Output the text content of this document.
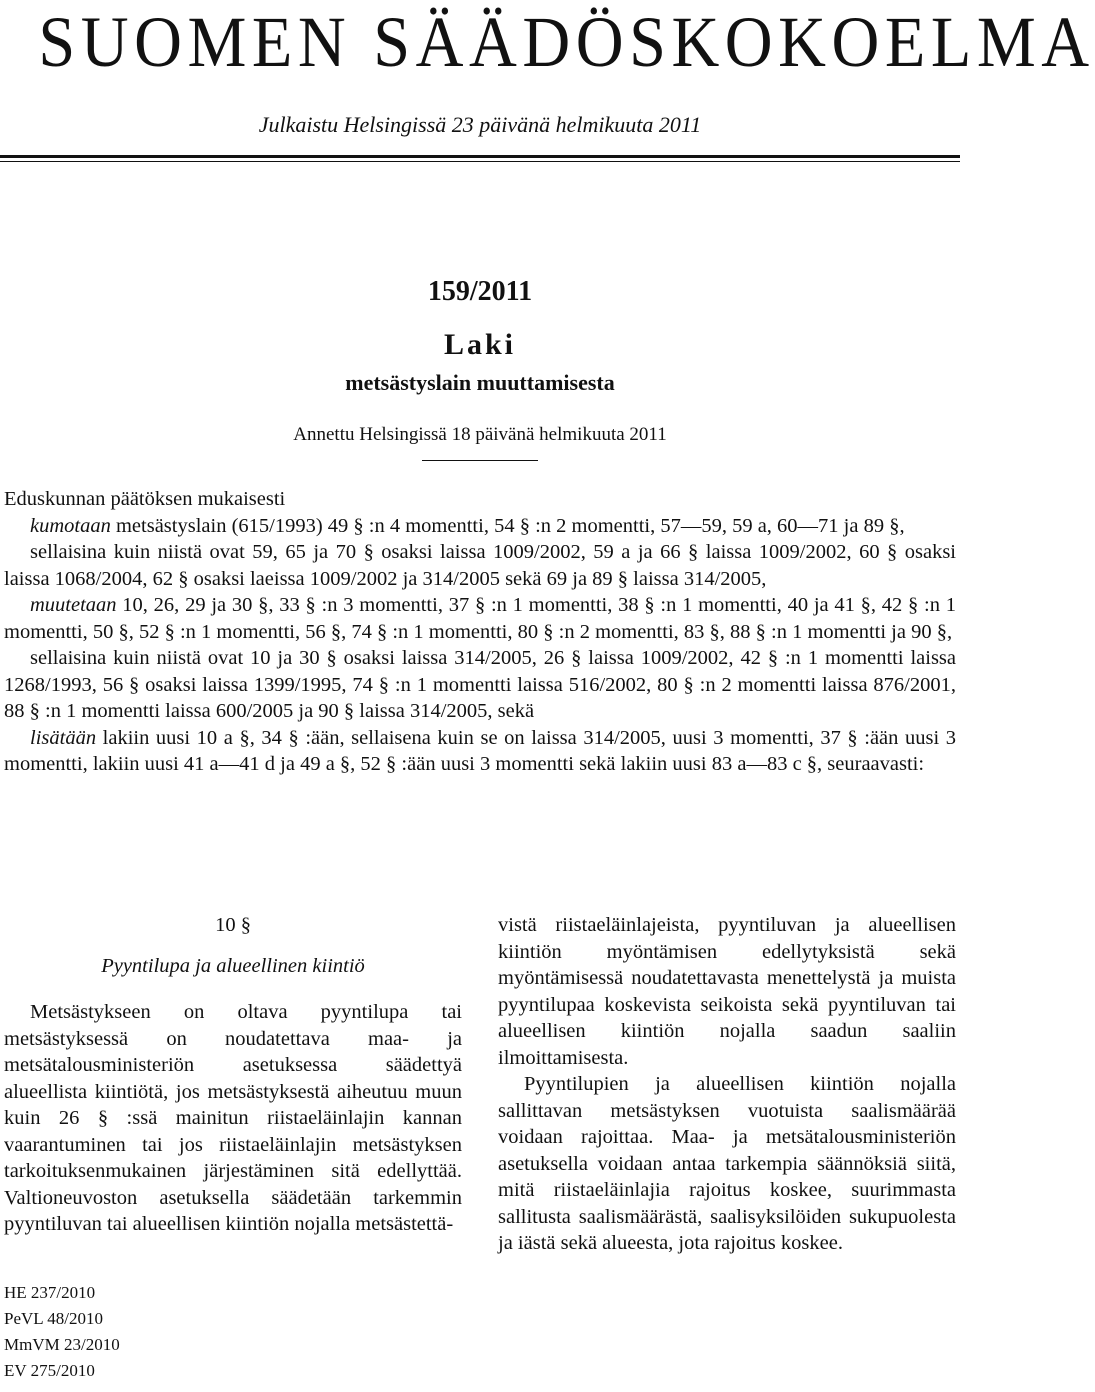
SUOMEN SÄÄDÖSKOKOELMA
Julkaistu Helsingissä 23 päivänä helmikuuta 2011
159/2011
Laki
metsästyslain muuttamisesta
Annettu Helsingissä 18 päivänä helmikuuta 2011

Eduskunnan päätöksen mukaisesti

kumotaan metsästyslain (615/1993) 49 § :n 4 momentti, 54 § :n 2 momentti, 57—59, 59 a, 60—71 ja 89 §,

sellaisina kuin niistä ovat 59, 65 ja 70 § osaksi laissa 1009/2002, 59 a ja 66 § laissa 1009/2002, 60 § osaksi laissa 1068/2004, 62 § osaksi laeissa 1009/2002 ja 314/2005 sekä 69 ja 89 § laissa 314/2005,

muutetaan 10, 26, 29 ja 30 §, 33 § :n 3 momentti, 37 § :n 1 momentti, 38 § :n 1 momentti, 40 ja 41 §, 42 § :n 1 momentti, 50 §, 52 § :n 1 momentti, 56 §, 74 § :n 1 momentti, 80 § :n 2 momentti, 83 §, 88 § :n 1 momentti ja 90 §,

sellaisina kuin niistä ovat 10 ja 30 § osaksi laissa 314/2005, 26 § laissa 1009/2002, 42 § :n 1 momentti laissa 1268/1993, 56 § osaksi laissa 1399/1995, 74 § :n 1 momentti laissa 516/2002, 80 § :n 2 momentti laissa 876/2001, 88 § :n 1 momentti laissa 600/2005 ja 90 § laissa 314/2005, sekä

lisätään lakiin uusi 10 a §, 34 § :ään, sellaisena kuin se on laissa 314/2005, uusi 3 momentti, 37 § :ään uusi 3 momentti, lakiin uusi 41 a—41 d ja 49 a §, 52 § :ään uusi 3 momentti sekä lakiin uusi 83 a—83 c §, seuraavasti:

10 §

Pyyntilupa ja alueellinen kiintiö

Metsästykseen on oltava pyyntilupa tai metsästyksessä on noudatettava maa- ja metsätalousministeriön asetuksessa säädettyä alueellista kiintiötä, jos metsästyksestä aiheutuu muun kuin 26 § :ssä mainitun riistaeläinlajin kannan vaarantuminen tai jos riistaeläinlajin metsästyksen tarkoituksenmukainen järjestäminen sitä edellyttää. Valtioneuvoston asetuksella säädetään tarkemmin pyyntiluvan tai alueellisen kiintiön nojalla metsästettä-

vistä riistaeläinlajeista, pyyntiluvan ja alueellisen kiintiön myöntämisen edellytyksistä sekä myöntämisessä noudatettavasta menettelystä ja muista pyyntilupaa koskevista seikoista sekä pyyntiluvan tai alueellisen kiintiön nojalla saadun saaliin ilmoittamisesta.

Pyyntilupien ja alueellisen kiintiön nojalla sallittavan metsästyksen vuotuista saalismäärää voidaan rajoittaa. Maa- ja metsätalousministeriön asetuksella voidaan antaa tarkempia säännöksiä siitä, mitä riistaeläinlajia rajoitus koskee, suurimmasta sallitusta saalismäärästä, saalisyksilöiden sukupuolesta ja iästä sekä alueesta, jota rajoitus koskee.

HE 237/2010
PeVL 48/2010
MmVM 23/2010
EV 275/2010
